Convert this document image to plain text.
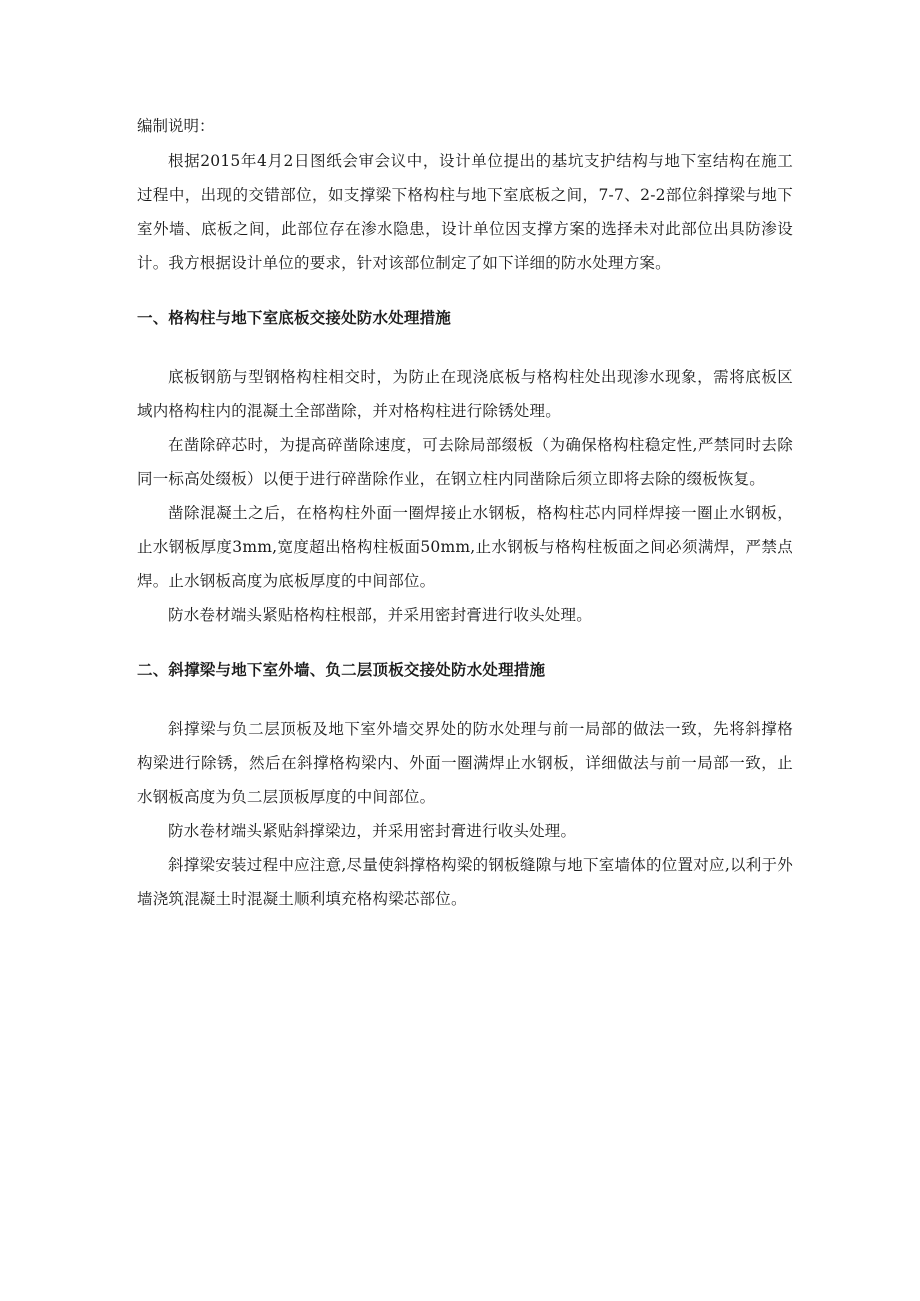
编制说明：

根据2015年4月2日图纸会审会议中，设计单位提出的基坑支护结构与地下室结构在施工过程中，出现的交错部位，如支撑梁下格构柱与地下室底板之间，7-7、2-2部位斜撑梁与地下室外墙、底板之间，此部位存在渗水隐患，设计单位因支撑方案的选择未对此部位出具防渗设计。我方根据设计单位的要求，针对该部位制定了如下详细的防水处理方案。

一、格构柱与地下室底板交接处防水处理措施

底板钢筋与型钢格构柱相交时，为防止在现浇底板与格构柱处出现渗水现象，需将底板区域内格构柱内的混凝土全部凿除，并对格构柱进行除锈处理。

在凿除碎芯时，为提高碎凿除速度，可去除局部缀板（为确保格构柱稳定性,严禁同时去除同一标高处缀板）以便于进行碎凿除作业，在钢立柱内同凿除后须立即将去除的缀板恢复。

凿除混凝土之后，在格构柱外面一圈焊接止水钢板，格构柱芯内同样焊接一圈止水钢板，止水钢板厚度3mm,宽度超出格构柱板面50mm,止水钢板与格构柱板面之间必须满焊，严禁点焊。止水钢板高度为底板厚度的中间部位。

防水卷材端头紧贴格构柱根部，并采用密封膏进行收头处理。

二、斜撑梁与地下室外墙、负二层顶板交接处防水处理措施

斜撑梁与负二层顶板及地下室外墙交界处的防水处理与前一局部的做法一致，先将斜撑格构梁进行除锈，然后在斜撑格构梁内、外面一圈满焊止水钢板，详细做法与前一局部一致，止水钢板高度为负二层顶板厚度的中间部位。

防水卷材端头紧贴斜撑梁边，并采用密封膏进行收头处理。

斜撑梁安装过程中应注意,尽量使斜撑格构梁的钢板缝隙与地下室墙体的位置对应,以利于外墙浇筑混凝土时混凝土顺利填充格构梁芯部位。
